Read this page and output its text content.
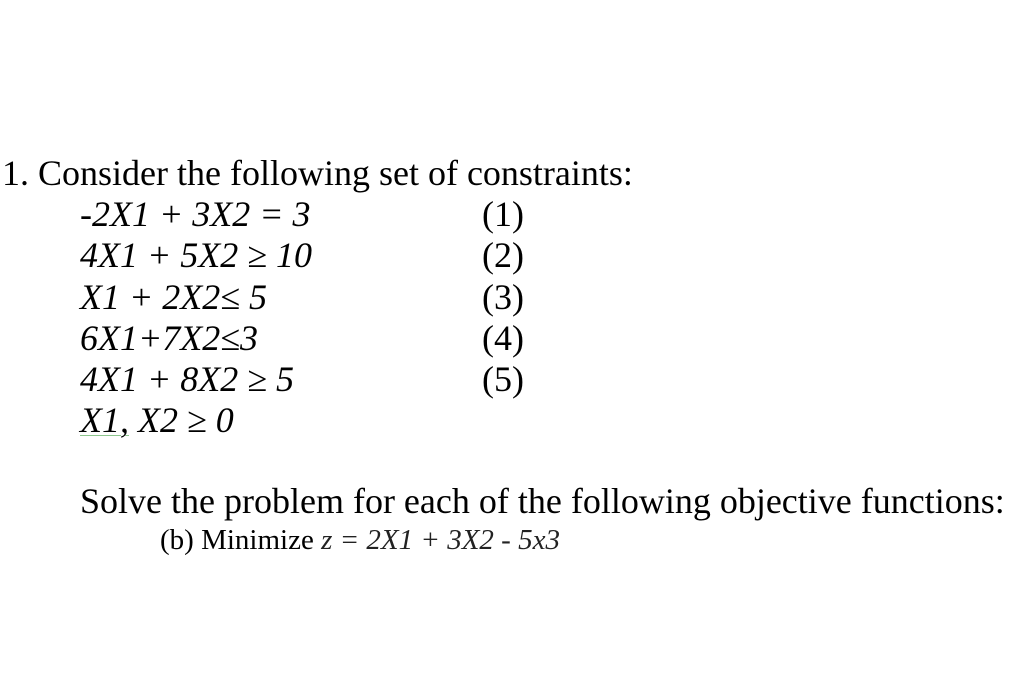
1. Consider the following set of constraints:
-2X1 + 3X2 = 3	(1)
4X1 + 5X2 ≥ 10	(2)
X1 + 2X2≤ 5	(3)
6X1+7X2≤3	(4)
4X1 + 8X2 ≥ 5	(5)
X1, X2 ≥ 0
Solve the problem for each of the following objective functions:
(b) Minimize z = 2X1 + 3X2 - 5x3
